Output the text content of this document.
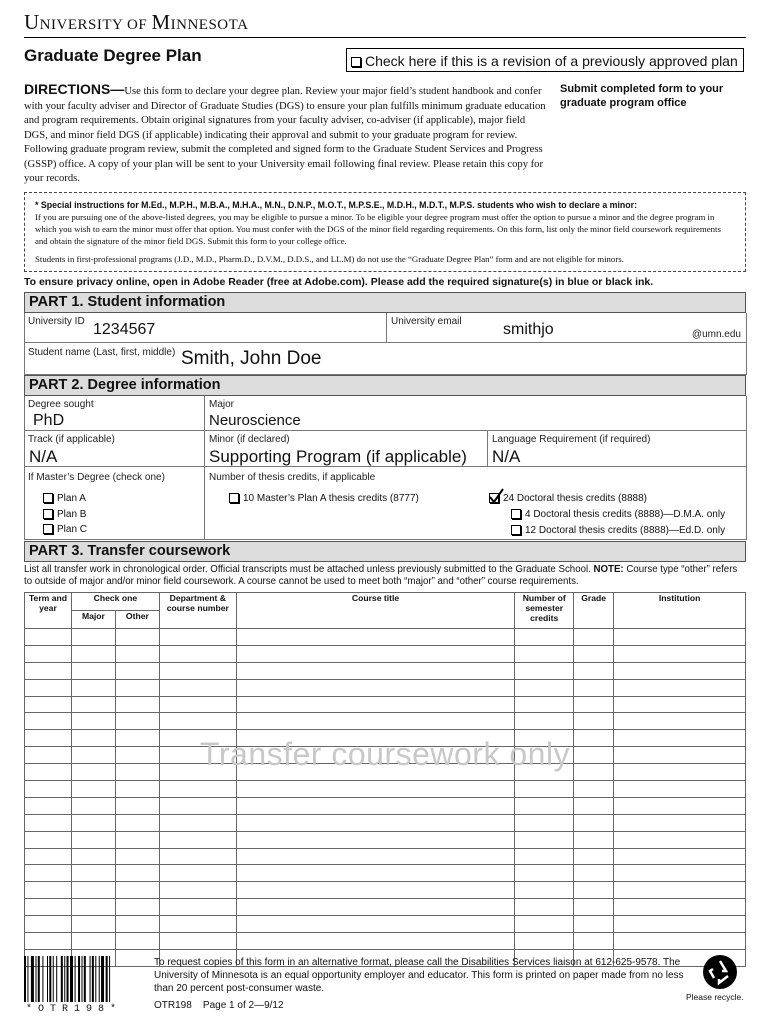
UNIVERSITY OF MINNESOTA
Graduate Degree Plan	Check here if this is a revision of a previously approved plan
DIRECTIONS—Use this form to declare your degree plan. Review your major field’s student handbook and confer with your faculty adviser and Director of Graduate Studies (DGS) to ensure your plan fulfills minimum graduate education and program requirements. Obtain original signatures from your faculty adviser, co-adviser (if applicable), major field DGS, and minor field DGS (if applicable) indicating their approval and submit to your graduate program for review. Following graduate program review, submit the completed and signed form to the Graduate Student Services and Progress (GSSP) office. A copy of your plan will be sent to your University email following final review. Please retain this copy for your records.
Submit completed form to your graduate program office
* Special instructions for M.Ed., M.P.H., M.B.A., M.H.A., M.N., D.N.P., M.O.T., M.P.S.E., M.D.H., M.D.T., M.P.S. students who wish to declare a minor:
If you are pursuing one of the above-listed degrees, you may be eligible to pursue a minor. To be eligible your degree program must offer the option to pursue a minor and the degree program in which you wish to earn the minor must offer that option. You must confer with the DGS of the minor field regarding requirements. On this form, list only the minor field coursework requirements and obtain the signature of the minor field DGS. Submit this form to your college office.
Students in first-professional programs (J.D., M.D., Pharm.D., D.V.M., D.D.S., and LL.M) do not use the “Graduate Degree Plan” form and are not eligible for minors.
To ensure privacy online, open in Adobe Reader (free at Adobe.com). Please add the required signature(s) in blue or black ink.
PART 1. Student information
University ID 1234567	University email	smithjo	@umn.edu
Student name (Last, first, middle) Smith, John Doe
PART 2. Degree information
Degree sought
PhD
Major
Neuroscience
Track (if applicable)
N/A
Minor (if declared)
Supporting Program (if applicable)
Language Requirement (if required)
N/A
If Master’s Degree (check one)
Plan A
Plan B
Plan C
Number of thesis credits, if applicable
10 Master’s Plan A thesis credits (8777)	24 Doctoral thesis credits (8888)
4 Doctoral thesis credits (8888)—D.M.A. only
12 Doctoral thesis credits (8888)—Ed.D. only
PART 3. Transfer coursework
List all transfer work in chronological order. Official transcripts must be attached unless previously submitted to the Graduate School. NOTE: Course type “other” refers to outside of major and/or minor field coursework. A course cannot be used to meet both “major” and “other” course requirements.
Term and year	Check one		Department & course number	Course title	Number of semester credits	Grade	Institution
	Major	Other					

Transfer coursework only
*OTR198*
To request copies of this form in an alternative format, please call the Disabilities Services liaison at 612-625-9578. The University of Minnesota is an equal opportunity employer and educator. This form is printed on paper made from no less than 20 percent post-consumer waste.
OTR198 Page 1 of 2—9/12
Please recycle.
